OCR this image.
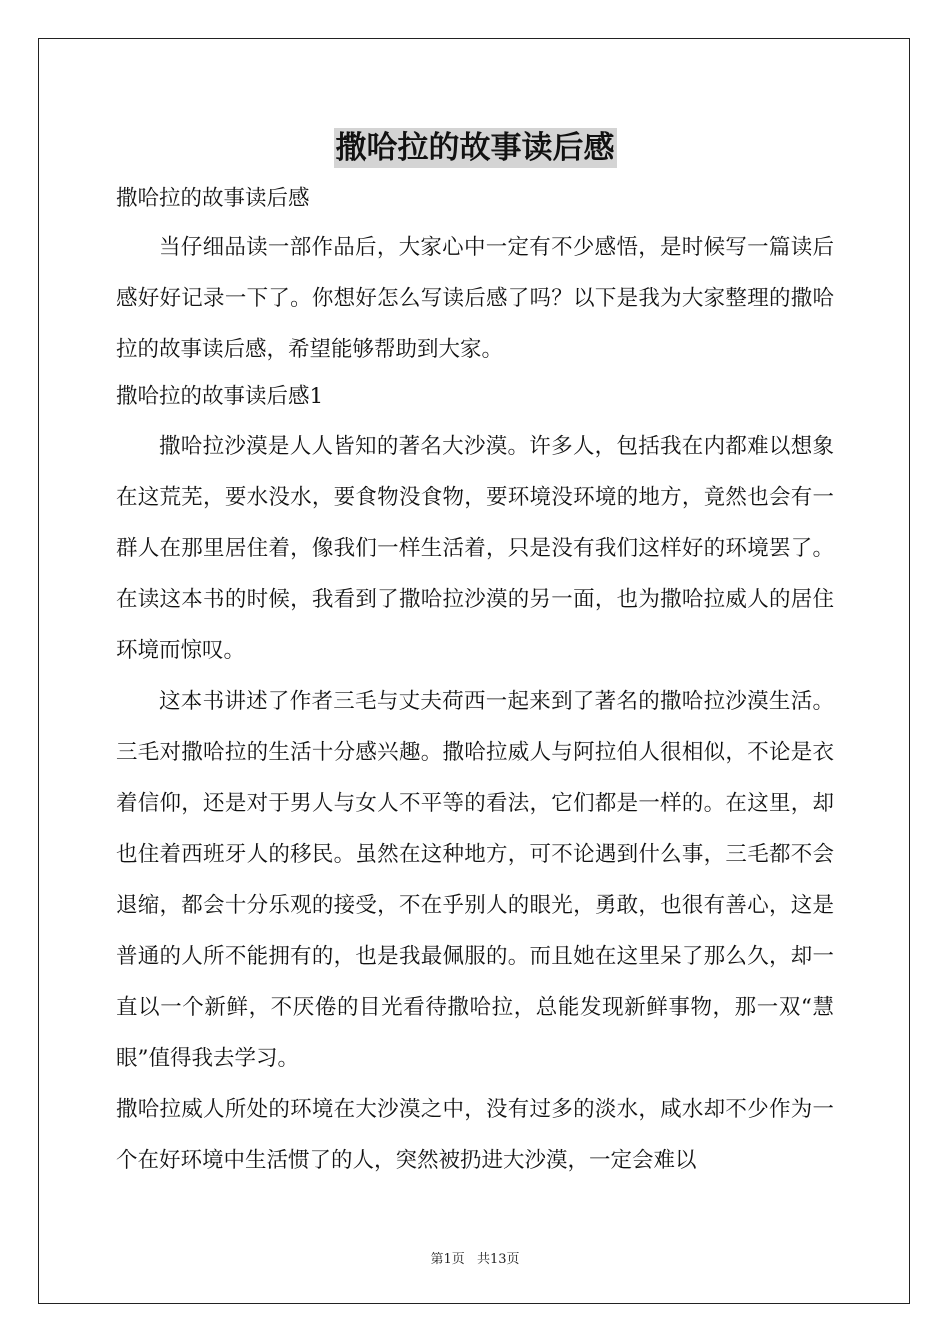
撒哈拉的故事读后感

撒哈拉的故事读后感

当仔细品读一部作品后，大家心中一定有不少感悟，是时候写一篇读后感好好记录一下了。你想好怎么写读后感了吗？以下是我为大家整理的撒哈拉的故事读后感，希望能够帮助到大家。

撒哈拉的故事读后感1

撒哈拉沙漠是人人皆知的著名大沙漠。许多人，包括我在内都难以想象在这荒芜，要水没水，要食物没食物，要环境没环境的地方，竟然也会有一群人在那里居住着，像我们一样生活着，只是没有我们这样好的环境罢了。在读这本书的时候，我看到了撒哈拉沙漠的另一面，也为撒哈拉威人的居住环境而惊叹。

这本书讲述了作者三毛与丈夫荷西一起来到了著名的撒哈拉沙漠生活。三毛对撒哈拉的生活十分感兴趣。撒哈拉威人与阿拉伯人很相似，不论是衣着信仰，还是对于男人与女人不平等的看法，它们都是一样的。在这里，却也住着西班牙人的移民。虽然在这种地方，可不论遇到什么事，三毛都不会退缩，都会十分乐观的接受，不在乎别人的眼光，勇敢，也很有善心，这是普通的人所不能拥有的，也是我最佩服的。而且她在这里呆了那么久，却一直以一个新鲜，不厌倦的目光看待撒哈拉，总能发现新鲜事物，那一双“慧眼”值得我去学习。

撒哈拉威人所处的环境在大沙漠之中，没有过多的淡水，咸水却不少作为一个在好环境中生活惯了的人，突然被扔进大沙漠，一定会难以

第1页 共13页
